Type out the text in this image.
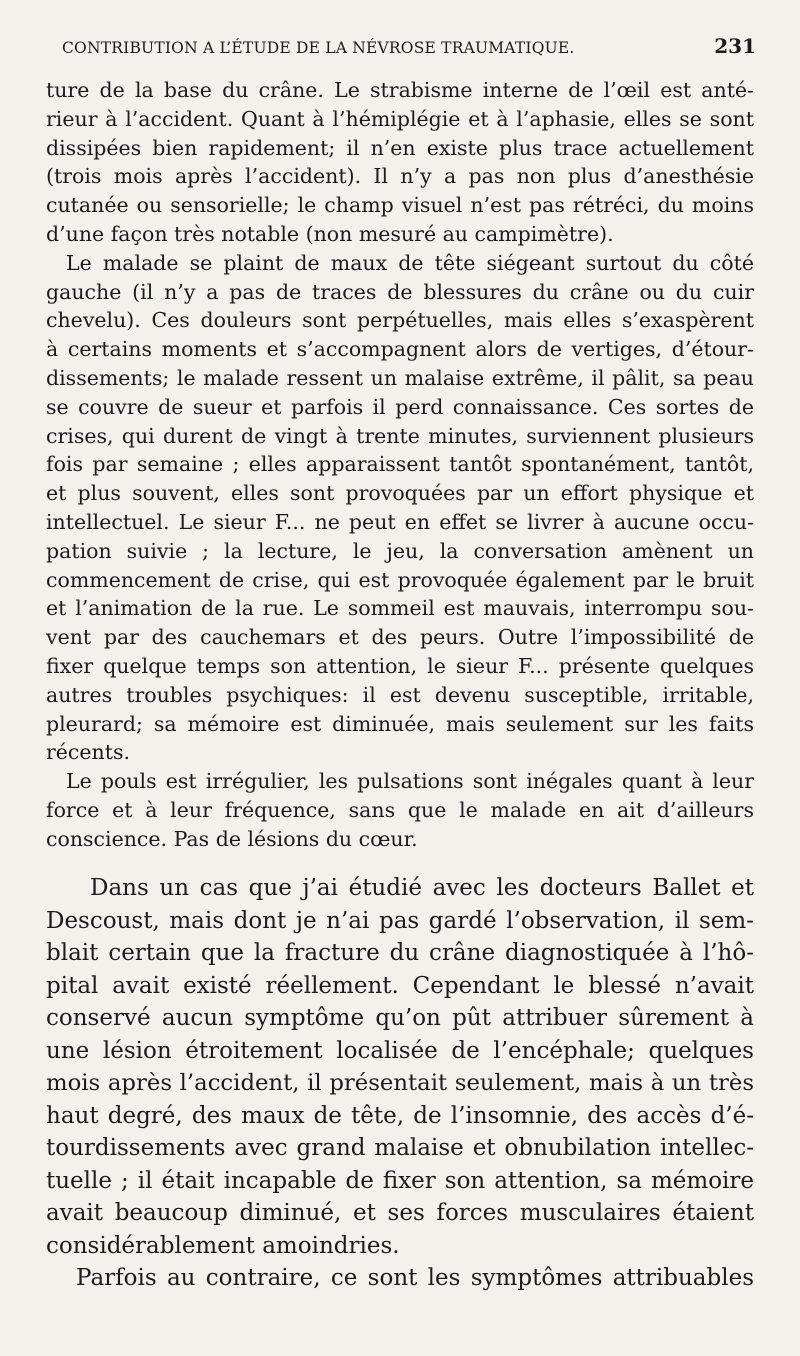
CONTRIBUTION A L’ÉTUDE DE LA NÉVROSE TRAUMATIQUE.	231
ture de la base du crâne. Le strabisme interne de l’œil est anté-
rieur à l’accident. Quant à l’hémiplégie et à l’aphasie, elles se sont
dissipées bien rapidement; il n’en existe plus trace actuellement
(trois mois après l’accident). Il n’y a pas non plus d’anesthésie
cutanée ou sensorielle; le champ visuel n’est pas rétréci, du moins
d’une façon très notable (non mesuré au campimètre).
Le malade se plaint de maux de tête siégeant surtout du côté
gauche (il n’y a pas de traces de blessures du crâne ou du cuir
chevelu). Ces douleurs sont perpétuelles, mais elles s’exaspèrent
à certains moments et s’accompagnent alors de vertiges, d’étour-
dissements; le malade ressent un malaise extrême, il pâlit, sa peau
se couvre de sueur et parfois il perd connaissance. Ces sortes de
crises, qui durent de vingt à trente minutes, surviennent plusieurs
fois par semaine ; elles apparaissent tantôt spontanément, tantôt,
et plus souvent, elles sont provoquées par un effort physique et
intellectuel. Le sieur F... ne peut en effet se livrer à aucune occu-
pation suivie ; la lecture, le jeu, la conversation amènent un
commencement de crise, qui est provoquée également par le bruit
et l’animation de la rue. Le sommeil est mauvais, interrompu sou-
vent par des cauchemars et des peurs. Outre l’impossibilité de
fixer quelque temps son attention, le sieur F... présente quelques
autres troubles psychiques: il est devenu susceptible, irritable,
pleurard; sa mémoire est diminuée, mais seulement sur les faits
récents.
Le pouls est irrégulier, les pulsations sont inégales quant à leur
force et à leur fréquence, sans que le malade en ait d’ailleurs
conscience. Pas de lésions du cœur.
Dans un cas que j’ai étudié avec les docteurs Ballet et
Descoust, mais dont je n’ai pas gardé l’observation, il sem-
blait certain que la fracture du crâne diagnostiquée à l’hô-
pital avait existé réellement. Cependant le blessé n’avait
conservé aucun symptôme qu’on pût attribuer sûrement à
une lésion étroitement localisée de l’encéphale; quelques
mois après l’accident, il présentait seulement, mais à un très
haut degré, des maux de tête, de l’insomnie, des accès d’é-
tourdissements avec grand malaise et obnubilation intellec-
tuelle ; il était incapable de fixer son attention, sa mémoire
avait beaucoup diminué, et ses forces musculaires étaient
considérablement amoindries.
Parfois au contraire, ce sont les symptômes attribuables
